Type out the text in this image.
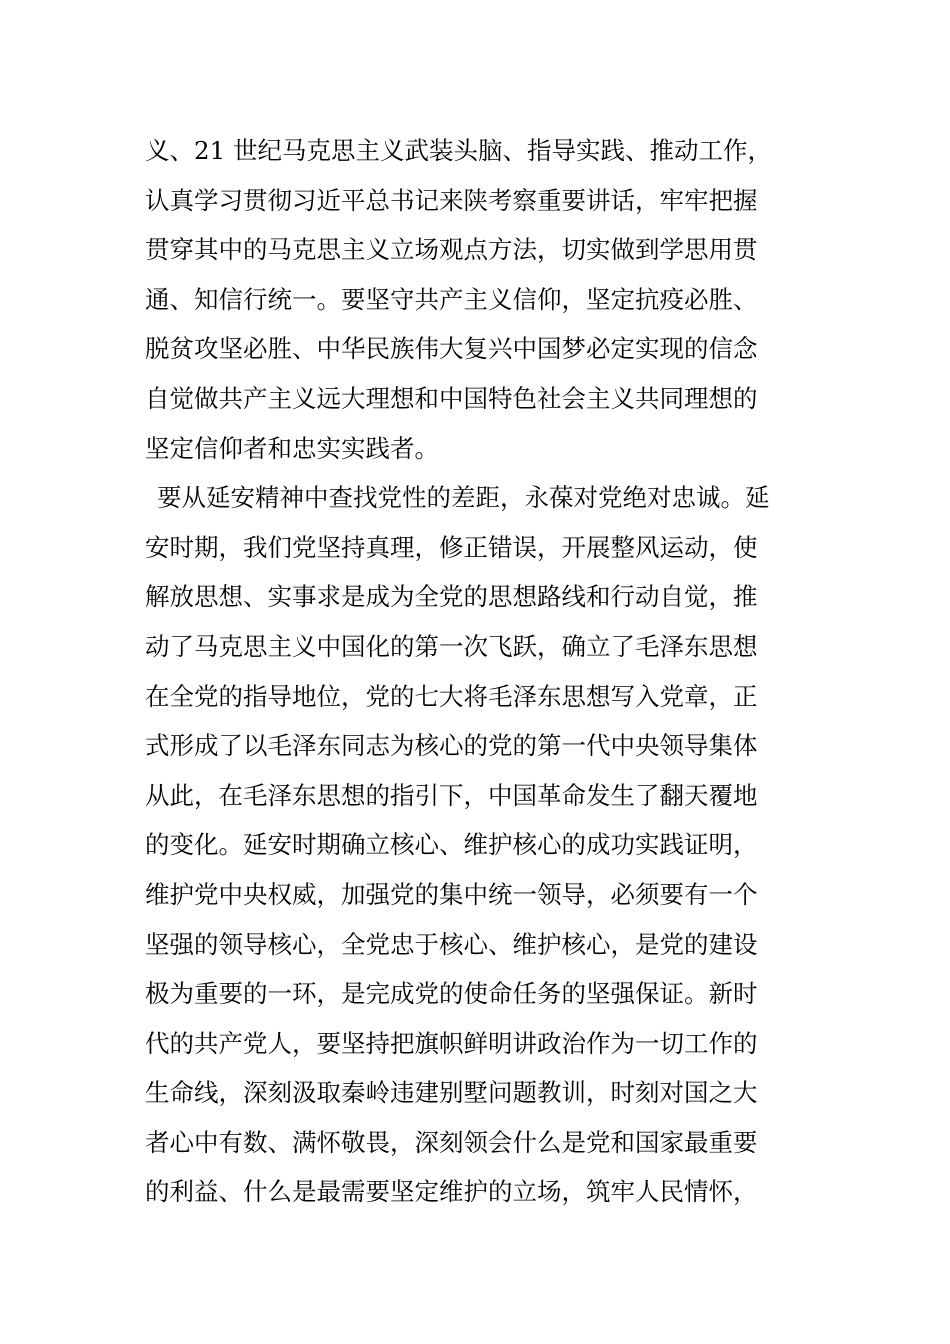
义、21 世纪马克思主义武装头脑、指导实践、推动工作，
认真学习贯彻习近平总书记来陕考察重要讲话，牢牢把握
贯穿其中的马克思主义立场观点方法，切实做到学思用贯
通、知信行统一。要坚守共产主义信仰，坚定抗疫必胜、
脱贫攻坚必胜、中华民族伟大复兴中国梦必定实现的信念
自觉做共产主义远大理想和中国特色社会主义共同理想的
坚定信仰者和忠实实践者。
要从延安精神中查找党性的差距，永葆对党绝对忠诚。延
安时期，我们党坚持真理，修正错误，开展整风运动，使
解放思想、实事求是成为全党的思想路线和行动自觉，推
动了马克思主义中国化的第一次飞跃，确立了毛泽东思想
在全党的指导地位，党的七大将毛泽东思想写入党章，正
式形成了以毛泽东同志为核心的党的第一代中央领导集体
从此，在毛泽东思想的指引下，中国革命发生了翻天覆地
的变化。延安时期确立核心、维护核心的成功实践证明，
维护党中央权威，加强党的集中统一领导，必须要有一个
坚强的领导核心，全党忠于核心、维护核心，是党的建设
极为重要的一环，是完成党的使命任务的坚强保证。新时
代的共产党人，要坚持把旗帜鲜明讲政治作为一切工作的
生命线，深刻汲取秦岭违建别墅问题教训，时刻对国之大
者心中有数、满怀敬畏，深刻领会什么是党和国家最重要
的利益、什么是最需要坚定维护的立场，筑牢人民情怀，
